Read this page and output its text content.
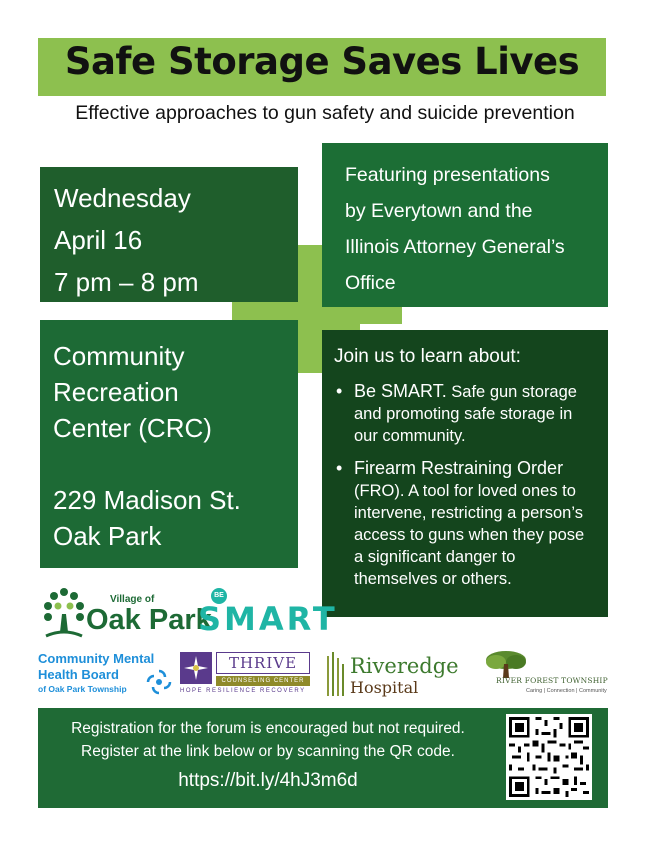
Safe Storage Saves Lives
Effective approaches to gun safety and suicide prevention
Wednesday
April 16
7 pm – 8 pm
Featuring presentations
by Everytown and the
Illinois Attorney General’s
Office
Community
Recreation
Center (CRC)
229 Madison St.
Oak Park
Join us to learn about:
• Be SMART. Safe gun storage and promoting safe storage in our community.
• Firearm Restraining Order (FRO). A tool for loved ones to intervene, restricting a person’s access to guns when they pose a significant danger to themselves or others.
Village of
Oak Park
BE
SMART
Community Mental
Health Board
of Oak Park Township
THRIVE
COUNSELING CENTER
HOPE RESILIENCE RECOVERY
Riveredge
Hospital	RIVER FOREST TOWNSHIP
Caring | Connection | Community
Registration for the forum is encouraged but not required.
Register at the link below or by scanning the QR code.
https://bit.ly/4hJ3m6d
